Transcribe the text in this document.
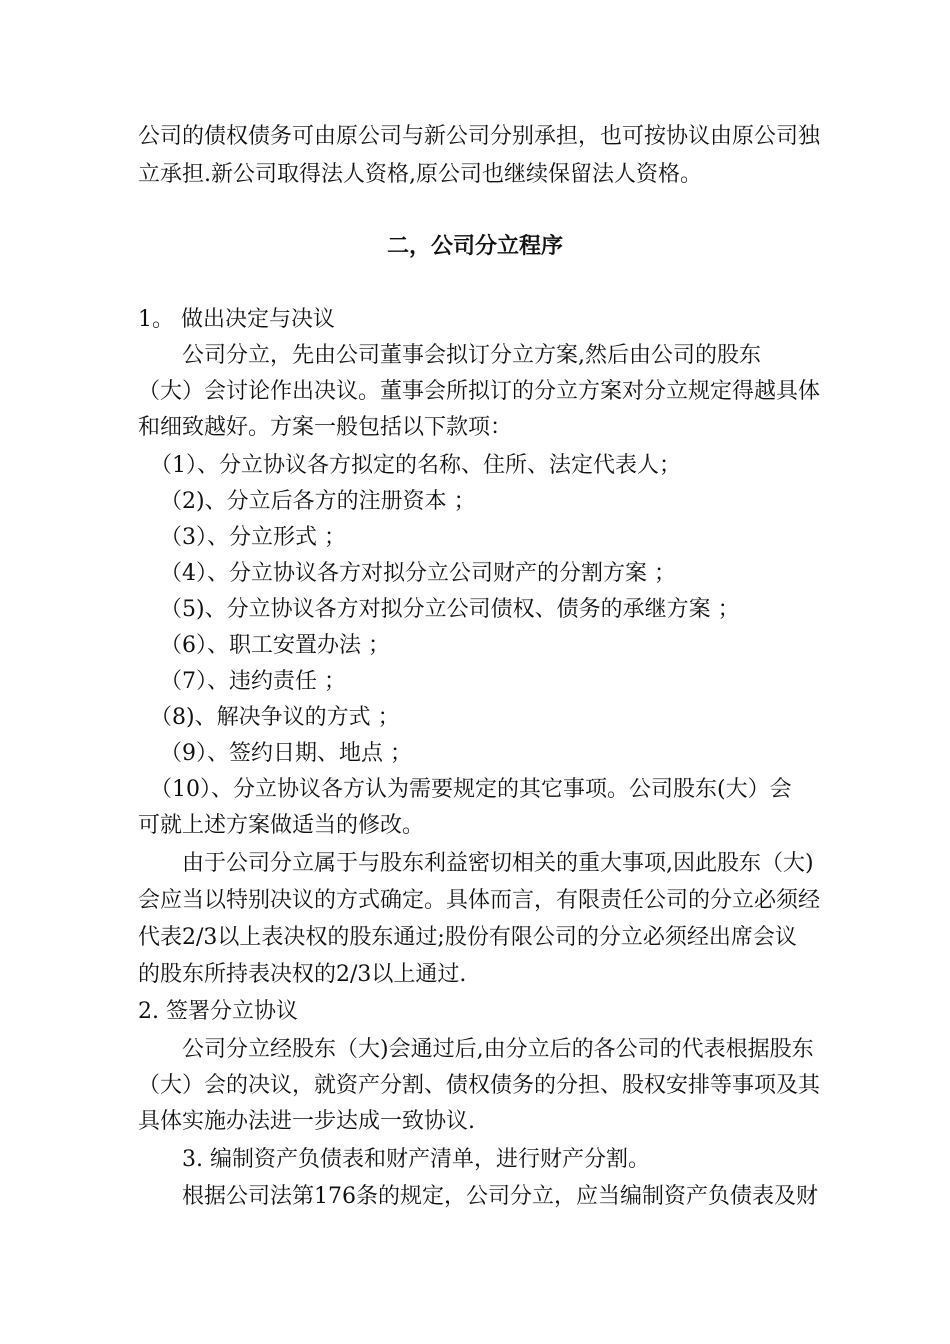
公司的债权债务可由原公司与新公司分别承担，也可按协议由原公司独
立承担.新公司取得法人资格,原公司也继续保留法人资格。
二，公司分立程序
1。 做出决定与决议
公司分立，先由公司董事会拟订分立方案,然后由公司的股东
（大）会讨论作出决议。董事会所拟订的分立方案对分立规定得越具体
和细致越好。方案一般包括以下款项：
（1）、分立协议各方拟定的名称、住所、法定代表人；
（2)、分立后各方的注册资本 ；
（3）、分立形式 ；
（4）、分立协议各方对拟分立公司财产的分割方案 ；
（5)、分立协议各方对拟分立公司债权、债务的承继方案 ；
（6）、职工安置办法 ；
（7）、违约责任 ；
（8)、解决争议的方式 ；
（9）、签约日期、地点 ；
（10）、分立协议各方认为需要规定的其它事项。公司股东(大）会
可就上述方案做适当的修改。
由于公司分立属于与股东利益密切相关的重大事项,因此股东（大)
会应当以特别决议的方式确定。具体而言，有限责任公司的分立必须经
代表2/3以上表决权的股东通过;股份有限公司的分立必须经出席会议
的股东所持表决权的2/3以上通过.
2. 签署分立协议
公司分立经股东（大)会通过后,由分立后的各公司的代表根据股东
（大）会的决议，就资产分割、债权债务的分担、股权安排等事项及其
具体实施办法进一步达成一致协议.
3. 编制资产负债表和财产清单，进行财产分割。
根据公司法第176条的规定，公司分立，应当编制资产负债表及财
